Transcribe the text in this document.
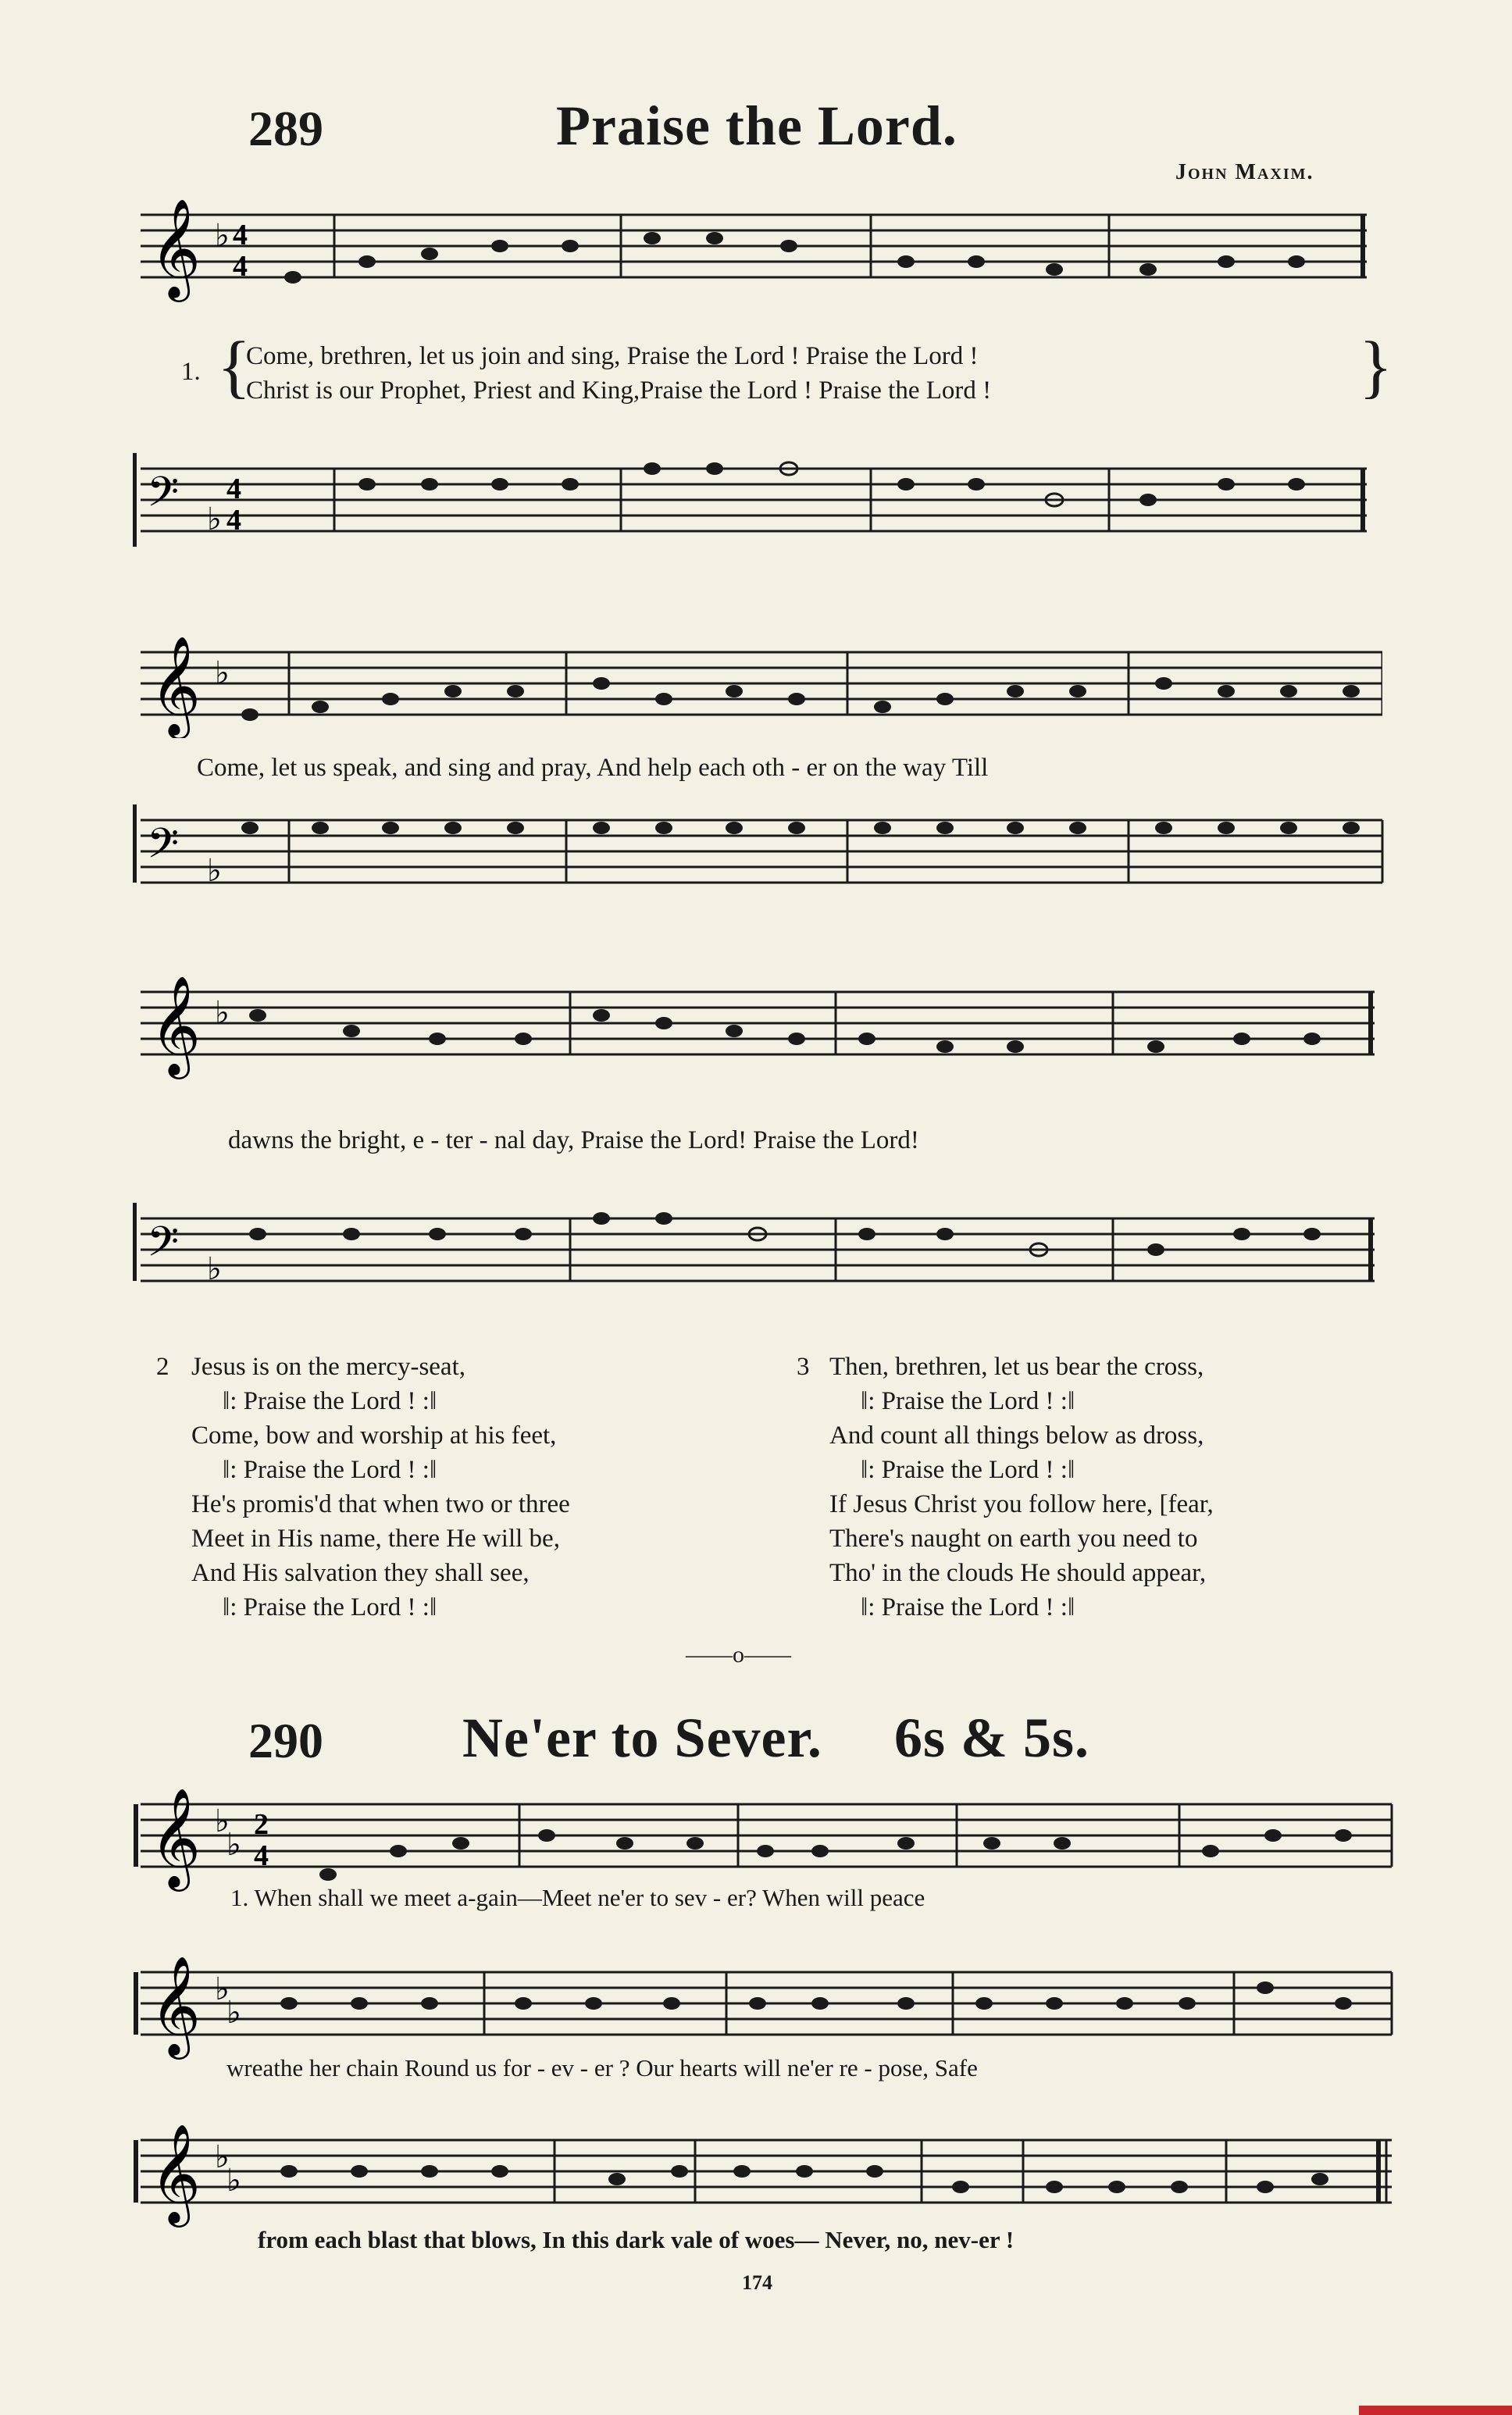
289	Praise the Lord.
John Maxim.
𝄞 ♭ 4
4
1. {
Come, brethren, let us join and sing, Praise the Lord ! Praise the Lord !
Christ is our Prophet, Priest and King,Praise the Lord ! Praise the Lord !	}
𝄢 ♭
4
4
𝄞 ♭
Come, let us speak, and sing and pray, And help each oth - er on the way Till
𝄢 ♭
𝄞 ♭
dawns the bright, e - ter - nal day, Praise the Lord! Praise the Lord!
𝄢 ♭
2 Jesus is on the mercy-seat,
‖: Praise the Lord ! :‖
Come, bow and worship at his feet,
‖: Praise the Lord ! :‖
He's promis'd that when two or three
Meet in His name, there He will be,
And His salvation they shall see,
‖: Praise the Lord ! :‖
3 Then, brethren, let us bear the cross,
‖: Praise the Lord ! :‖
And count all things below as dross,
‖: Praise the Lord ! :‖
If Jesus Christ you follow here, [fear,
There's naught on earth you need to
Tho' in the clouds He should appear,
‖: Praise the Lord ! :‖
——o——
290 Ne'er to Sever. 6s & 5s.
𝄞 ♭
♭
2
4
1. When shall we meet a-gain—Meet ne'er to sev - er? When will peace
𝄞 ♭
♭
wreathe her chain Round us for - ev - er ? Our hearts will ne'er re - pose, Safe
𝄞 ♭
♭
from each blast that blows, In this dark vale of woes— Never, no, nev-er !
174
